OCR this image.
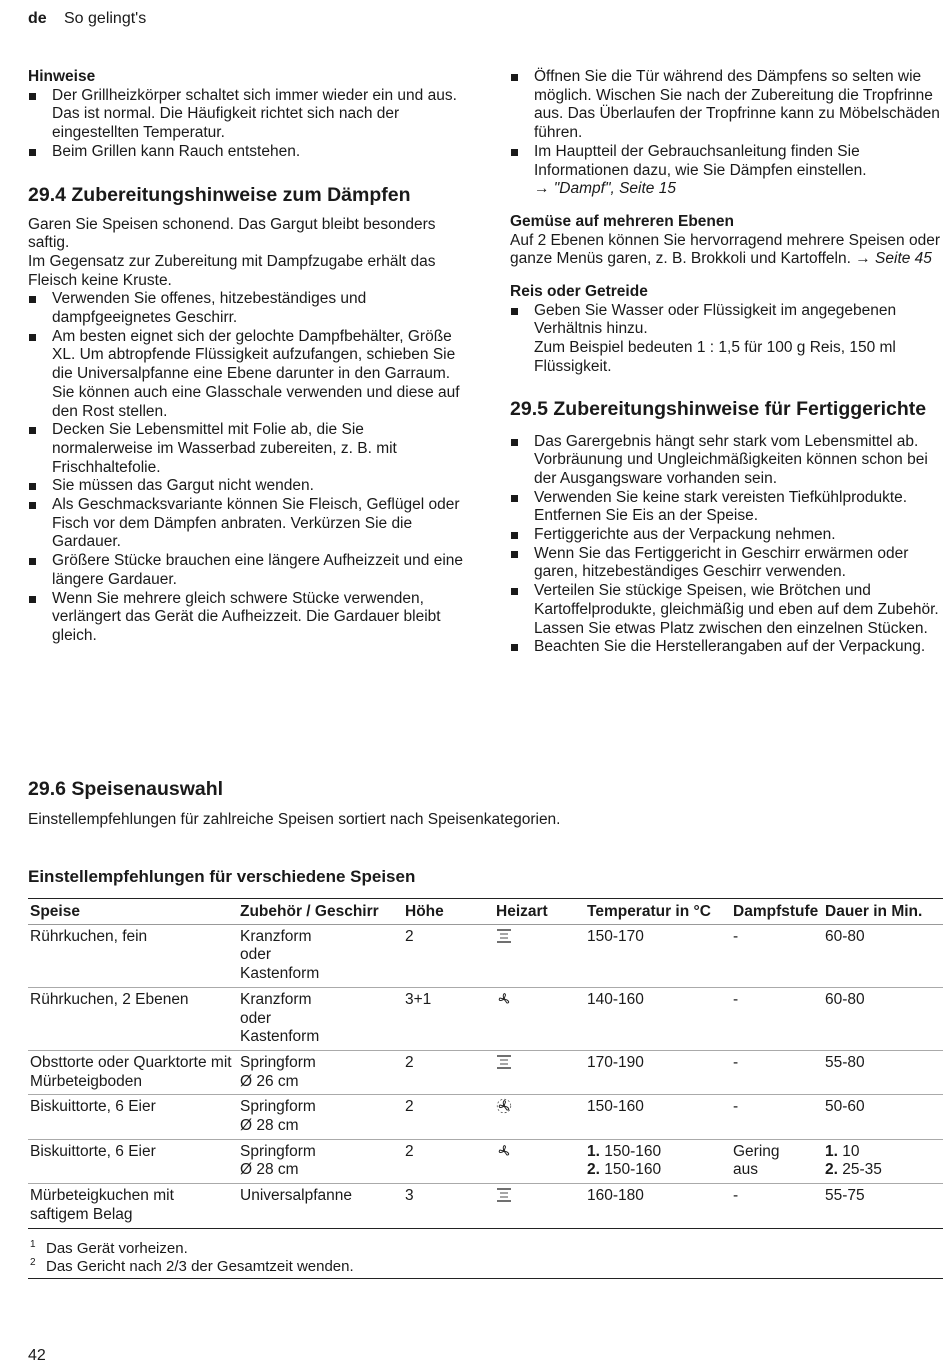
de So gelingt's

Hinweise

Der Grillheizkörper schaltet sich immer wieder ein und aus. Das ist normal. Die Häufigkeit richtet sich nach der eingestellten Temperatur.
Beim Grillen kann Rauch entstehen.

29.4 Zubereitungshinweise zum Dämpfen

Garen Sie Speisen schonend. Das Gargut bleibt besonders saftig.

Im Gegensatz zur Zubereitung mit Dampfzugabe erhält das Fleisch keine Kruste.

Verwenden Sie offenes, hitzebeständiges und dampfgeeignetes Geschirr.
Am besten eignet sich der gelochte Dampfbehälter, Größe XL. Um abtropfende Flüssigkeit aufzufangen, schieben Sie die Universalpfanne eine Ebene darunter in den Garraum.
Sie können auch eine Glasschale verwenden und diese auf den Rost stellen.
Decken Sie Lebensmittel mit Folie ab, die Sie normalerweise im Wasserbad zubereiten, z. B. mit Frischhaltefolie.
Sie müssen das Gargut nicht wenden.
Als Geschmacksvariante können Sie Fleisch, Geflügel oder Fisch vor dem Dämpfen anbraten. Verkürzen Sie die Gardauer.
Größere Stücke brauchen eine längere Aufheizzeit und eine längere Gardauer.
Wenn Sie mehrere gleich schwere Stücke verwenden, verlängert das Gerät die Aufheizzeit. Die Gardauer bleibt gleich.
Öffnen Sie die Tür während des Dämpfens so selten wie möglich. Wischen Sie nach der Zubereitung die Tropfrinne aus. Das Überlaufen der Tropfrinne kann zu Möbelschäden führen.
Im Hauptteil der Gebrauchsanleitung finden Sie Informationen dazu, wie Sie Dämpfen einstellen.
→ "Dampf", Seite 15

Gemüse auf mehreren Ebenen

Auf 2 Ebenen können Sie hervorragend mehrere Speisen oder ganze Menüs garen, z. B. Brokkoli und Kartoffeln. → Seite 45

Reis oder Getreide

Geben Sie Wasser oder Flüssigkeit im angegebenen Verhältnis hinzu.
Zum Beispiel bedeuten 1 : 1,5 für 100 g Reis, 150 ml Flüssigkeit.

29.5 Zubereitungshinweise für Fertiggerichte

Das Garergebnis hängt sehr stark vom Lebensmittel ab. Vorbräunung und Ungleichmäßigkeiten können schon bei der Ausgangsware vorhanden sein.
Verwenden Sie keine stark vereisten Tiefkühlprodukte. Entfernen Sie Eis an der Speise.
Fertiggerichte aus der Verpackung nehmen.
Wenn Sie das Fertiggericht in Geschirr erwärmen oder garen, hitzebeständiges Geschirr verwenden.
Verteilen Sie stückige Speisen, wie Brötchen und Kartoffelprodukte, gleichmäßig und eben auf dem Zubehör. Lassen Sie etwas Platz zwischen den einzelnen Stücken.
Beachten Sie die Herstellerangaben auf der Verpackung.
29.6 Speisenauswahl
Einstellempfehlungen für zahlreiche Speisen sortiert nach Speisenkategorien.
Einstellempfehlungen für verschiedene Speisen
Speise	Zubehör / Geschirr	Höhe	Heizart	Temperatur in °C	Dampfstufe	Dauer in Min.
Rührkuchen, fein	Kranzform
oder
Kastenform	2		150-170	-	60-80

Rührkuchen, 2 Ebenen	Kranzform
oder
Kastenform	3+1		140-160	-	60-80

Obsttorte oder Quarktorte mit Mürbeteigboden	Springform
Ø 26 cm	2		170-190	-	55-80

Biskuittorte, 6 Eier	Springform
Ø 28 cm	2		150-160	-	50-60

Biskuittorte, 6 Eier	Springform
Ø 28 cm	2		1. 150-160
2. 150-160	Gering
aus	1. 10
2. 25-35

Mürbeteigkuchen mit saftigem Belag	Universalpfanne	3		160-180	-	55-75
1 Das Gerät vorheizen.
2 Das Gericht nach 2/3 der Gesamtzeit wenden.
42
